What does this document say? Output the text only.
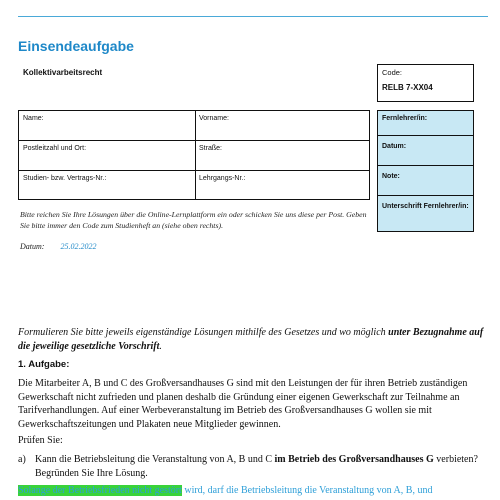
Einsendeaufgabe
Kollektivarbeitsrecht	Code:
RELB 7-XX04
Name:	Vorname:
Postleitzahl und Ort:	Straße:
Studien- bzw. Vertrags-Nr.:	Lehrgangs-Nr.:
Fernlehrer/in:
Datum:
Note:
Unterschrift Fernlehrer/in:
Bitte reichen Sie Ihre Lösungen über die Online-Lernplattform ein oder schicken Sie uns diese per Post. Geben Sie bitte immer den Code zum Studienheft an (siehe oben rechts).
Datum: 25.02.2022
Formulieren Sie bitte jeweils eigenständige Lösungen mithilfe des Gesetzes und wo möglich unter Bezugnahme auf die jeweilige gesetzliche Vorschrift.
1. Aufgabe:
Die Mitarbeiter A, B und C des Großversandhauses G sind mit den Leistungen der für ihren Betrieb zuständigen Gewerkschaft nicht zufrieden und planen deshalb die Gründung einer eigenen Gewerkschaft zur Teilnahme an Tarifverhandlungen. Auf einer Werbeveranstaltung im Betrieb des Großversandhauses G wollen sie mit Gewerkschaftszeitungen und Plakaten neue Mitglieder gewinnen.
Prüfen Sie:
a) Kann die Betriebsleitung die Veranstaltung von A, B und C im Betrieb des Großversandhauses G verbieten? Begründen Sie Ihre Lösung.
Solange der Betriebsfrieden nicht gestört wird, darf die Betriebsleitung die Veranstaltung von A, B, und
